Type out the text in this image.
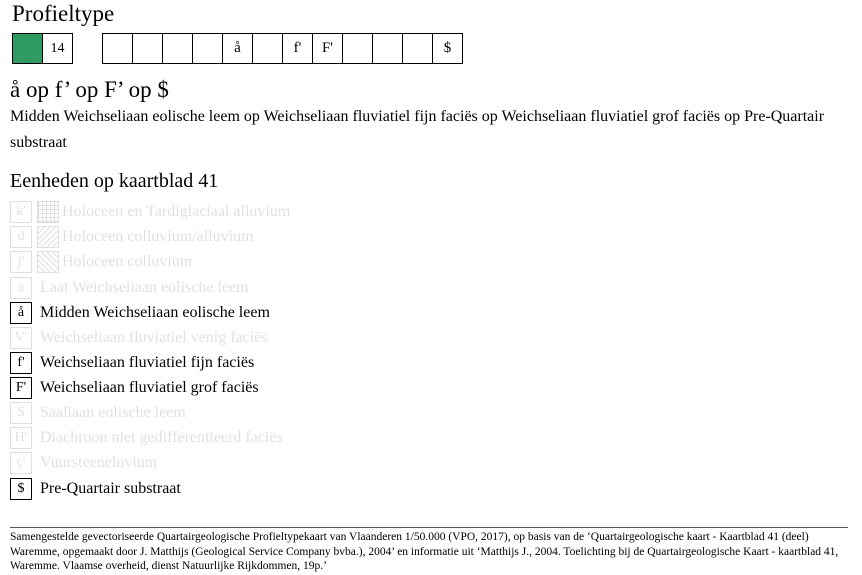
Profieltype
14	å	f'	F'	$
å op f’ op F’ op $
Midden Weichseliaan eolische leem op Weichseliaan fluviatiel fijn faciës op Weichseliaan fluviatiel grof faciës op Pre-Quartair substraat
Eenheden op kaartblad 41
k'	Holoceen en Tardiglaciaal alluvium
d	Holoceen colluvium/alluvium
j'	Holoceen colluvium
a Laat Weichseliaan eolische leem
å Midden Weichseliaan eolische leem
V' Weichseliaan fluviatiel venig faciës
f' Weichseliaan fluviatiel fijn faciës
F' Weichseliaan fluviatiel grof faciës
S Saaliaan eolische leem
H' Diachroon niet gedifferentieerd faciës
ç' Vuursteeneluvium
$ Pre-Quartair substraat
Samengestelde gevectoriseerde Quartairgeologische Profieltypekaart van Vlaanderen 1/50.000 (VPO, 2017), op basis van de ‘Quartairgeologische kaart - Kaartblad 41 (deel) Waremme, opgemaakt door J. Matthijs (Geological Service Company bvba.), 2004’ en informatie uit ‘Matthijs J., 2004. Toelichting bij de Quartairgeologische Kaart - kaartblad 41, Waremme. Vlaamse overheid, dienst Natuurlijke Rijkdommen, 19p.’
